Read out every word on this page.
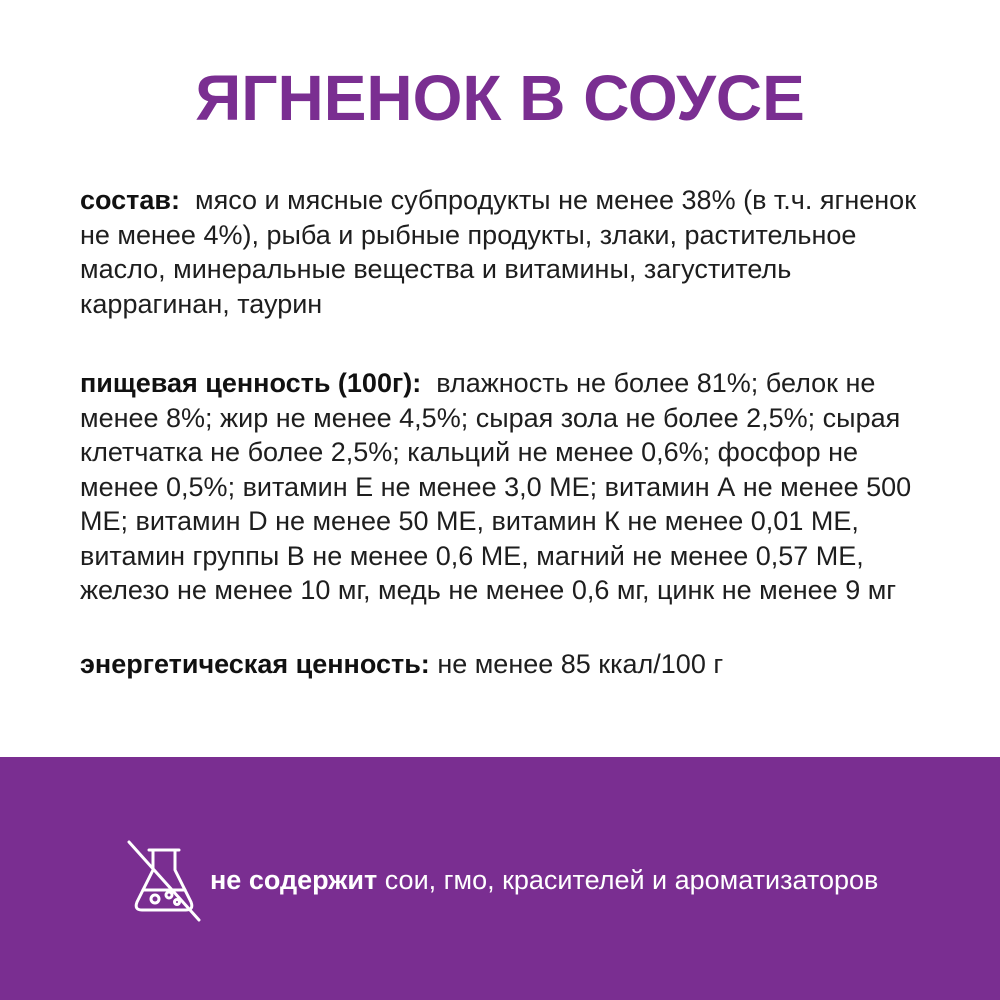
ЯГНЕНОК В СОУСЕ

состав: мясо и мясные субпродукты не менее 38% (в т.ч. ягненок не менее 4%), рыба и рыбные продукты, злаки, растительное масло, минеральные вещества и витамины, загуститель каррагинан, таурин

пищевая ценность (100г): влажность не более 81%; белок не менее 8%; жир не менее 4,5%; сырая зола не более 2,5%; сырая клетчатка не более 2,5%; кальций не менее 0,6%; фосфор не менее 0,5%; витамин Е не менее 3,0 МЕ; витамин А не менее 500 МЕ; витамин D не менее 50 МЕ, витамин К не менее 0,01 МЕ, витамин группы В не менее 0,6 МЕ, магний не менее 0,57 МЕ, железо не менее 10 мг, медь не менее 0,6 мг, цинк не менее 9 мг

энергетическая ценность: не менее 85 ккал/100 г

не содержит сои, гмо, красителей и ароматизаторов
